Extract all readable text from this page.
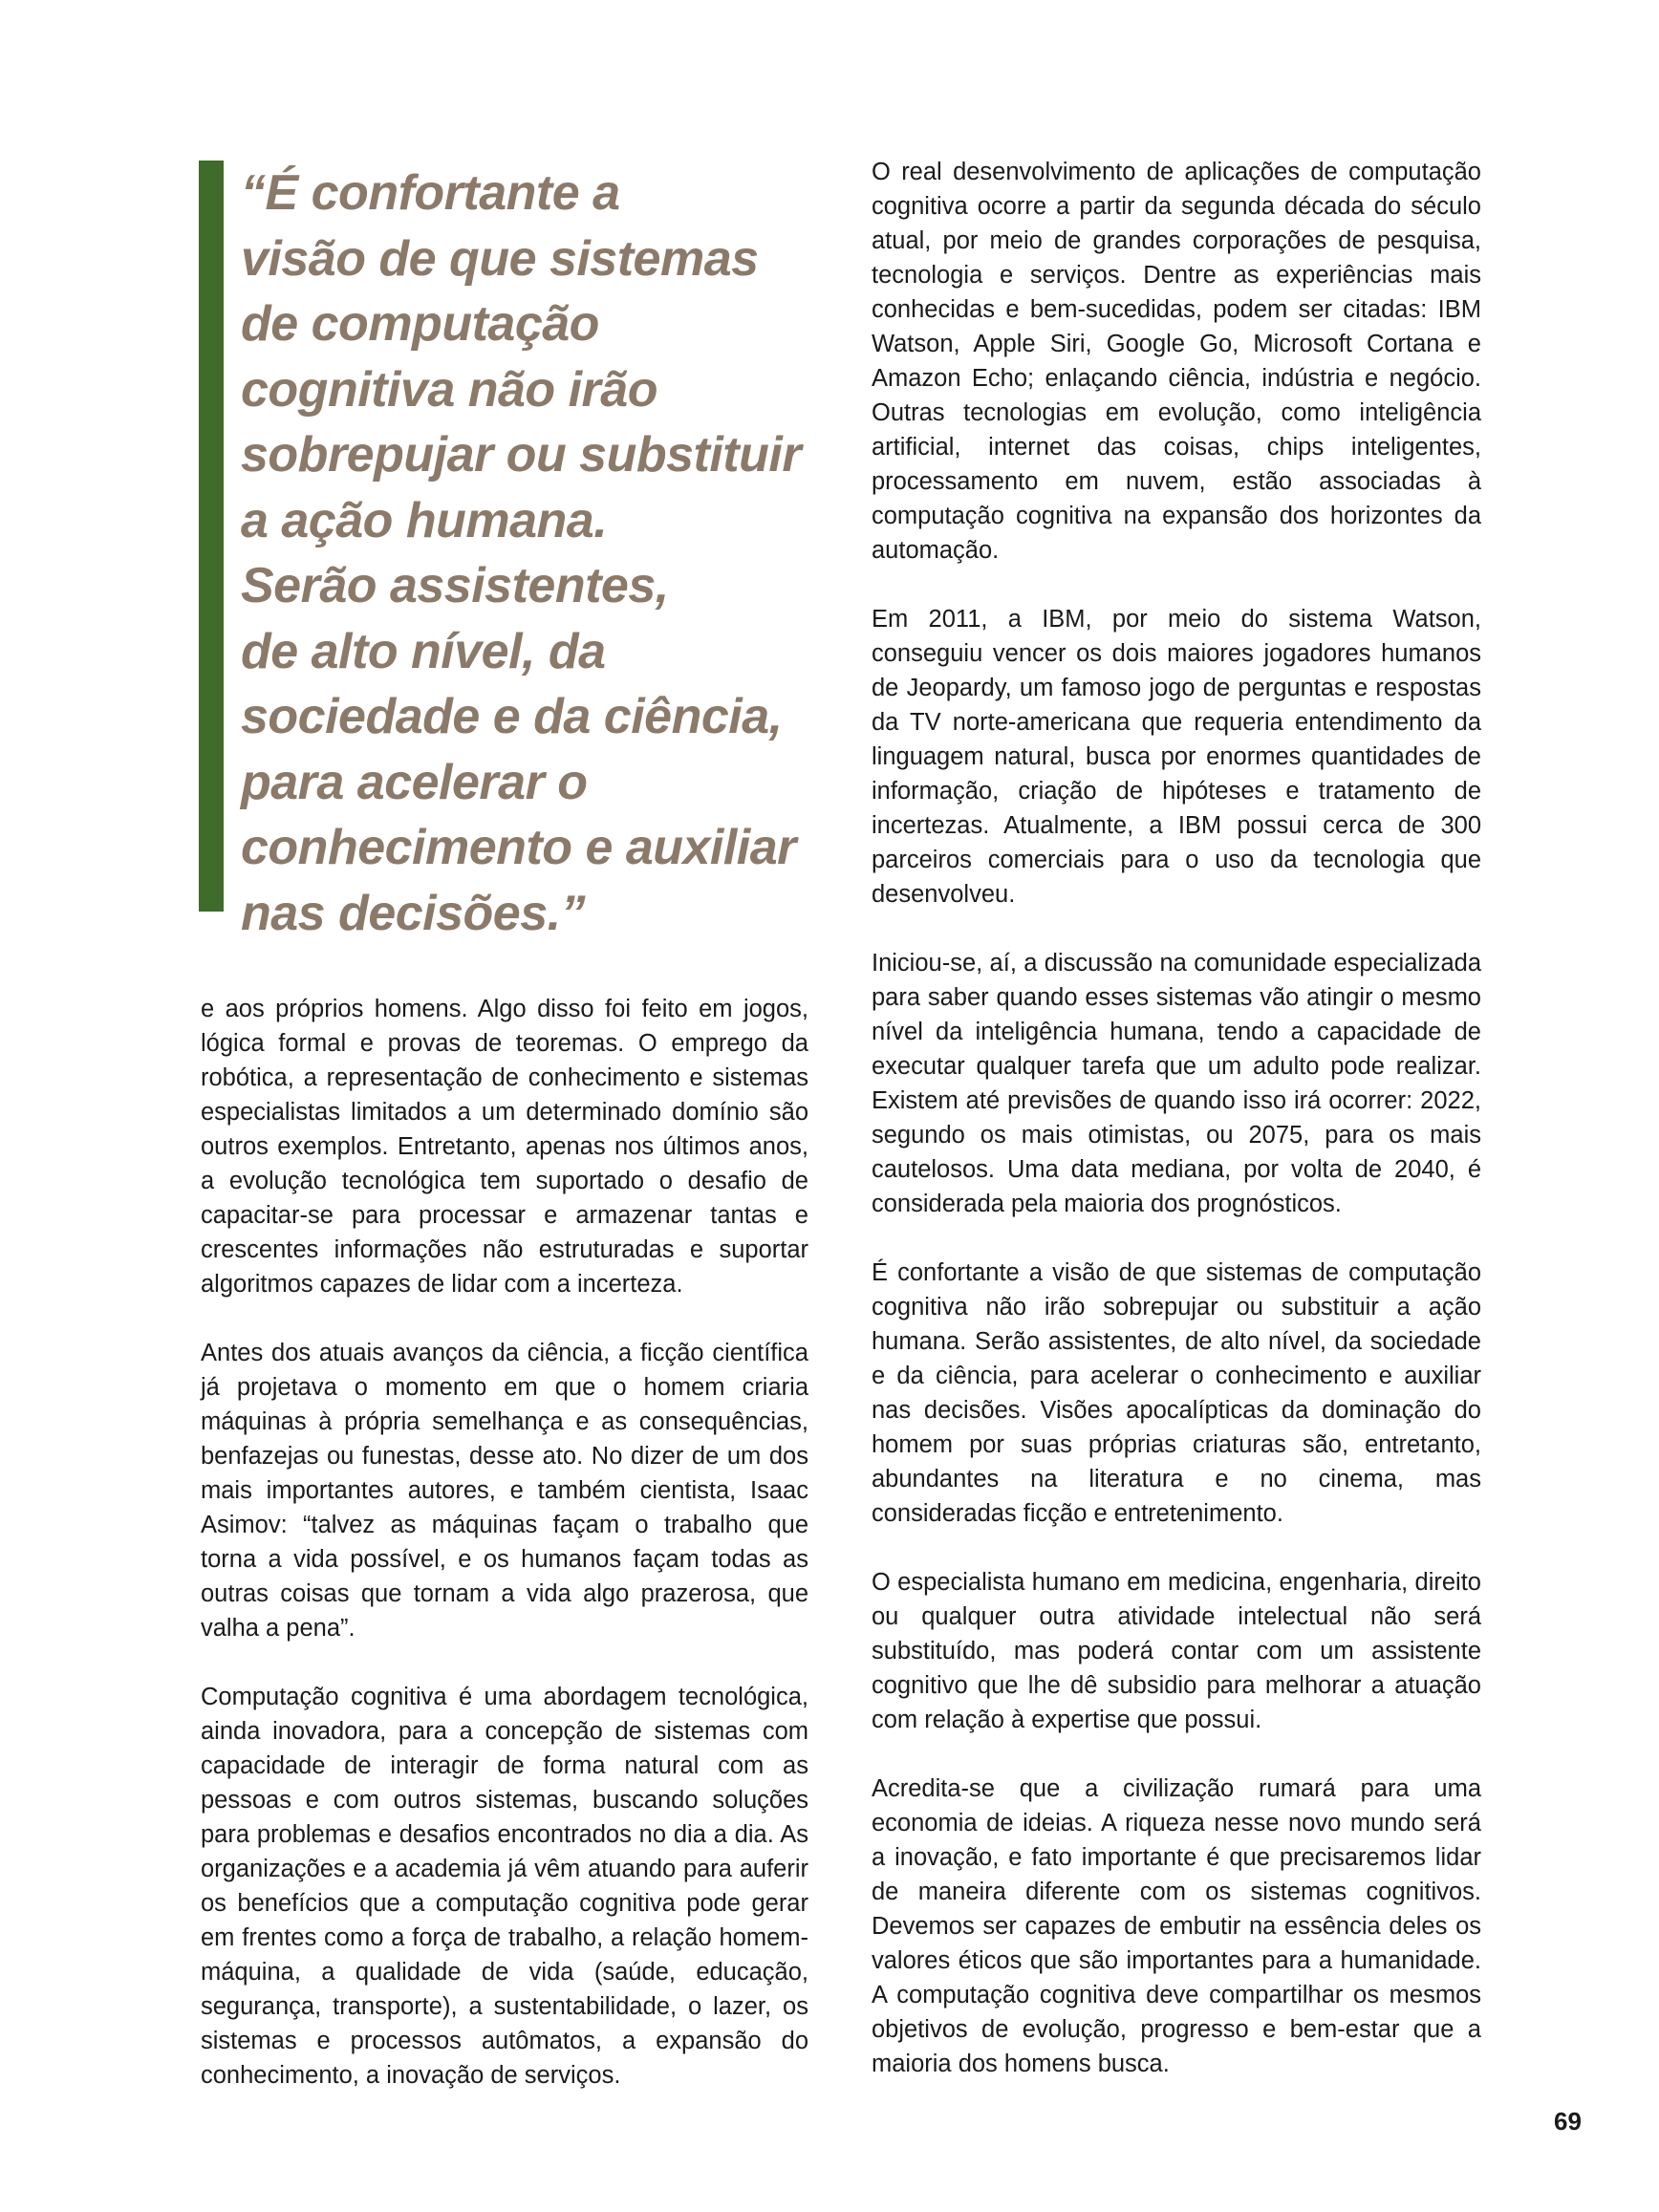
“É confortante a
visão de que sistemas
de computação
cognitiva não irão
sobrepujar ou substituir
a ação humana.
Serão assistentes,
de alto nível, da
sociedade e da ciência,
para acelerar o
conhecimento e auxiliar
nas decisões.”

e aos próprios homens. Algo disso foi feito em jogos, lógica formal e provas de teoremas. O emprego da robótica, a representação de conhecimento e sistemas especialistas limitados a um determinado domínio são outros exemplos. Entretanto, apenas nos últimos anos, a evolução tecnológica tem suportado o desafio de capacitar-se para processar e armazenar tantas e crescentes informações não estruturadas e suportar algoritmos capazes de lidar com a incerteza.

Antes dos atuais avanços da ciência, a ficção científica já projetava o momento em que o homem criaria máquinas à própria semelhança e as consequências, benfazejas ou funestas, desse ato. No dizer de um dos mais importantes autores, e também cientista, Isaac Asimov: “talvez as máquinas façam o trabalho que torna a vida possível, e os humanos façam todas as outras coisas que tornam a vida algo prazerosa, que valha a pena”.

Computação cognitiva é uma abordagem tecnológica, ainda inovadora, para a concepção de sistemas com capacidade de interagir de forma natural com as pessoas e com outros sistemas, buscando soluções para problemas e desafios encontrados no dia a dia. As organizações e a academia já vêm atuando para auferir os benefícios que a computação cognitiva pode gerar em frentes como a força de trabalho, a relação homem-máquina, a qualidade de vida (saúde, educação, segurança, transporte), a sustentabilidade, o lazer, os sistemas e processos autômatos, a expansão do conhecimento, a inovação de serviços.

O real desenvolvimento de aplicações de computação cognitiva ocorre a partir da segunda década do século atual, por meio de grandes corporações de pesquisa, tecnologia e serviços. Dentre as experiências mais conhecidas e bem-sucedidas, podem ser citadas: IBM Watson, Apple Siri, Google Go, Microsoft Cortana e Amazon Echo; enlaçando ciência, indústria e negócio. Outras tecnologias em evolução, como inteligência artificial, internet das coisas, chips inteligentes, processamento em nuvem, estão associadas à computação cognitiva na expansão dos horizontes da automação.

Em 2011, a IBM, por meio do sistema Watson, conseguiu vencer os dois maiores jogadores humanos de Jeopardy, um famoso jogo de perguntas e respostas da TV norte-americana que requeria entendimento da linguagem natural, busca por enormes quantidades de informação, criação de hipóteses e tratamento de incertezas. Atualmente, a IBM possui cerca de 300 parceiros comerciais para o uso da tecnologia que desenvolveu.

Iniciou-se, aí, a discussão na comunidade especializada para saber quando esses sistemas vão atingir o mesmo nível da inteligência humana, tendo a capacidade de executar qualquer tarefa que um adulto pode realizar. Existem até previsões de quando isso irá ocorrer: 2022, segundo os mais otimistas, ou 2075, para os mais cautelosos. Uma data mediana, por volta de 2040, é considerada pela maioria dos prognósticos.

É confortante a visão de que sistemas de computação cognitiva não irão sobrepujar ou substituir a ação humana. Serão assistentes, de alto nível, da sociedade e da ciência, para acelerar o conhecimento e auxiliar nas decisões. Visões apocalípticas da dominação do homem por suas próprias criaturas são, entretanto, abundantes na literatura e no cinema, mas consideradas ficção e entretenimento.

O especialista humano em medicina, engenharia, direito ou qualquer outra atividade intelectual não será substituído, mas poderá contar com um assistente cognitivo que lhe dê subsidio para melhorar a atuação com relação à expertise que possui.

Acredita-se que a civilização rumará para uma economia de ideias. A riqueza nesse novo mundo será a inovação, e fato importante é que precisaremos lidar de maneira diferente com os sistemas cognitivos. Devemos ser capazes de embutir na essência deles os valores éticos que são importantes para a humanidade. A computação cognitiva deve compartilhar os mesmos objetivos de evolução, progresso e bem-estar que a maioria dos homens busca.

69
